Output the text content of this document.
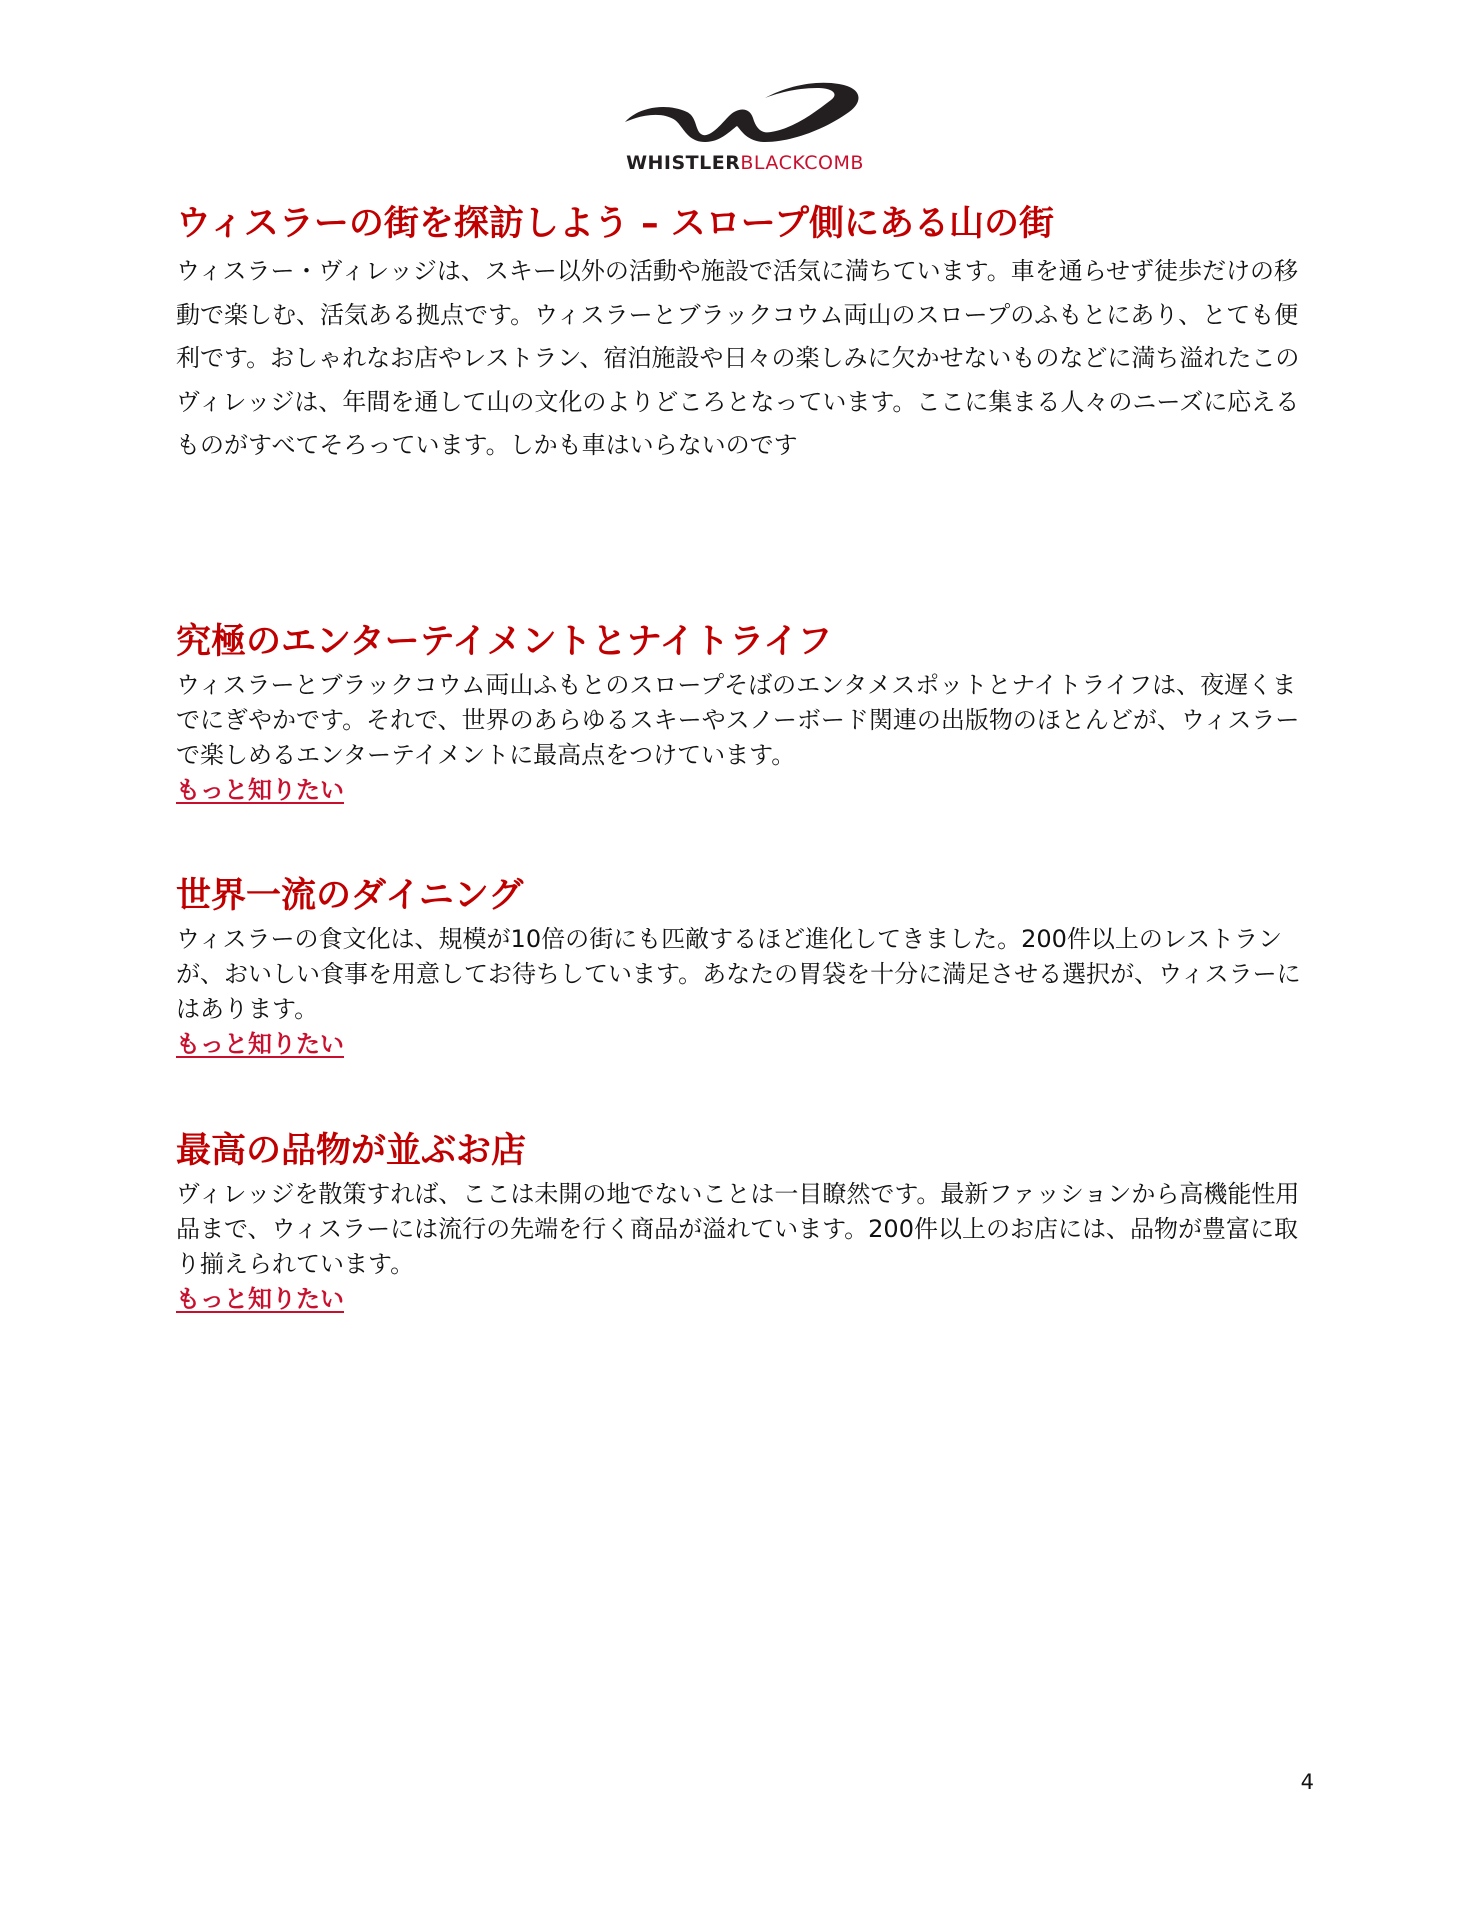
WHISTLERBLACKCOMB
ウィスラーの街を探訪しよう – スロープ側にある山の街

ウィスラー・ヴィレッジは、スキー以外の活動や施設で活気に満ちています。車を通らせず徒歩だけの移動で楽しむ、活気ある拠点です。ウィスラーとブラックコウム両山のスロープのふもとにあり、とても便利です。おしゃれなお店やレストラン、宿泊施設や日々の楽しみに欠かせないものなどに満ち溢れたこのヴィレッジは、年間を通して山の文化のよりどころとなっています。ここに集まる人々のニーズに応えるものがすべてそろっています。しかも車はいらないのです

究極のエンターテイメントとナイトライフ

ウィスラーとブラックコウム両山ふもとのスロープそばのエンタメスポットとナイトライフは、夜遅くまでにぎやかです。それで、世界のあらゆるスキーやスノーボード関連の出版物のほとんどが、ウィスラーで楽しめるエンターテイメントに最高点をつけています。

もっと知りたい
世界一流のダイニング

ウィスラーの食文化は、規模が10倍の街にも匹敵するほど進化してきました。200件以上のレストランが、おいしい食事を用意してお待ちしています。あなたの胃袋を十分に満足させる選択が、ウィスラーにはあります。

もっと知りたい
最高の品物が並ぶお店

ヴィレッジを散策すれば、ここは未開の地でないことは一目瞭然です。最新ファッションから高機能性用品まで、ウィスラーには流行の先端を行く商品が溢れています。200件以上のお店には、品物が豊富に取り揃えられています。

もっと知りたい
4
